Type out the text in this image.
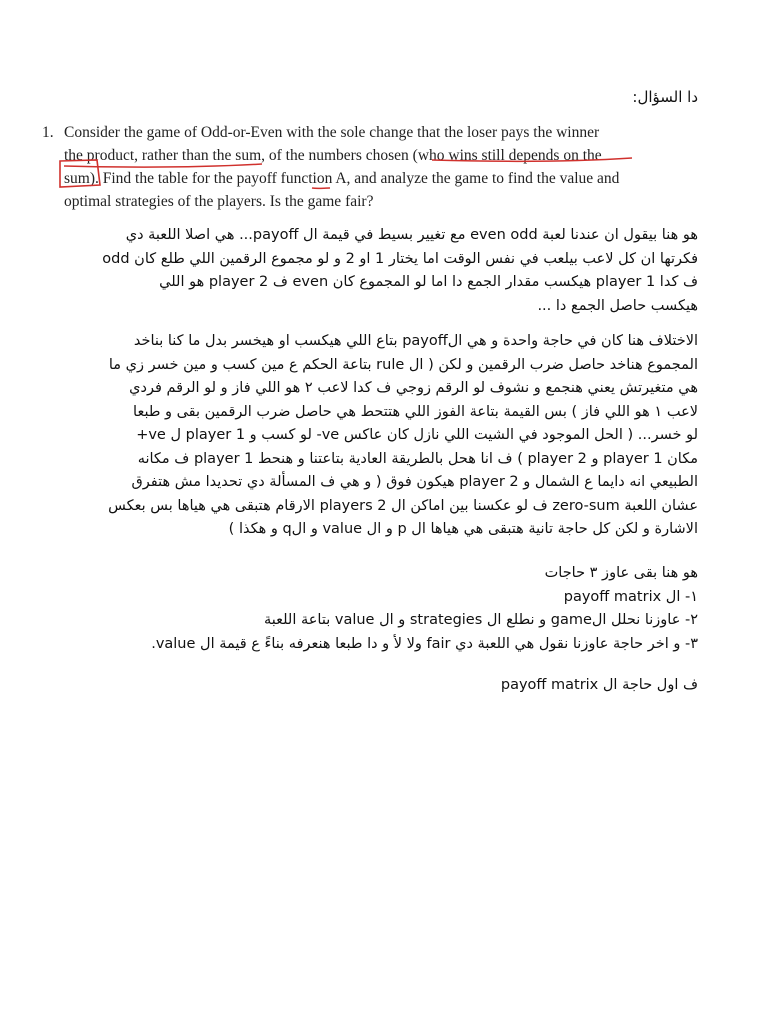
دا السؤال:
1. Consider the game of Odd-or-Even with the sole change that the loser pays the winner
the product, rather than the sum, of the numbers chosen (who wins still depends on the
sum). Find the table for the payoff function A, and analyze the game to find the value and
optimal strategies of the players. Is the game fair?
هو هنا بيقول ان عندنا لعبة even odd مع تغيير بسيط في قيمة ال payoff... هي اصلا اللعبة دي
فكرتها ان كل لاعب بيلعب في نفس الوقت اما يختار 1 او 2 و لو مجموع الرقمين اللي طلع كان odd
ف كدا player 1 هيكسب مقدار الجمع دا اما لو المجموع كان even ف player 2 هو اللي
هيكسب حاصل الجمع دا ...
الاختلاف هنا كان في حاجة واحدة و هي الpayoff بتاع اللي هيكسب او هيخسر بدل ما كنا بناخد
المجموع هناخد حاصل ضرب الرقمين و لكن ( ال rule بتاعة الحكم ع مين كسب و مين خسر زي ما
هي متغيرتش يعني هنجمع و نشوف لو الرقم زوجي ف كدا لاعب ٢ هو اللي فاز و لو الرقم فردي
لاعب ١ هو اللي فاز ) بس القيمة بتاعة الفوز اللي هتتحط هي حاصل ضرب الرقمين بقى و طبعا
+ve ل player 1 لو كسب و -ve لو خسر... ( الحل الموجود في الشيت اللي نازل كان عاكس
مكان player 1 و player 2 ) ف انا هحل بالطريقة العادية بتاعتنا و هنحط player 1 ف مكانه
الطبيعي انه دايما ع الشمال و player 2 هيكون فوق ( و هي ف المسألة دي تحديدا مش هتفرق
عشان اللعبة zero-sum ف لو عكسنا بين اماكن ال players 2 الارقام هتبقى هي هياها بس بعكس
الاشارة و لكن كل حاجة تانية هتبقى هي هياها ال p و ال value و الq و هكذا )
هو هنا بقى عاوز ٣ حاجات
١- ال payoff matrix
٢- عاوزنا نحلل الgame و نطلع ال strategies و ال value بتاعة اللعبة
٣- و اخر حاجة عاوزنا نقول هي اللعبة دي fair ولا لأ و دا طبعا هنعرفه بناءً ع قيمة ال value.
ف اول حاجة ال payoff matrix
